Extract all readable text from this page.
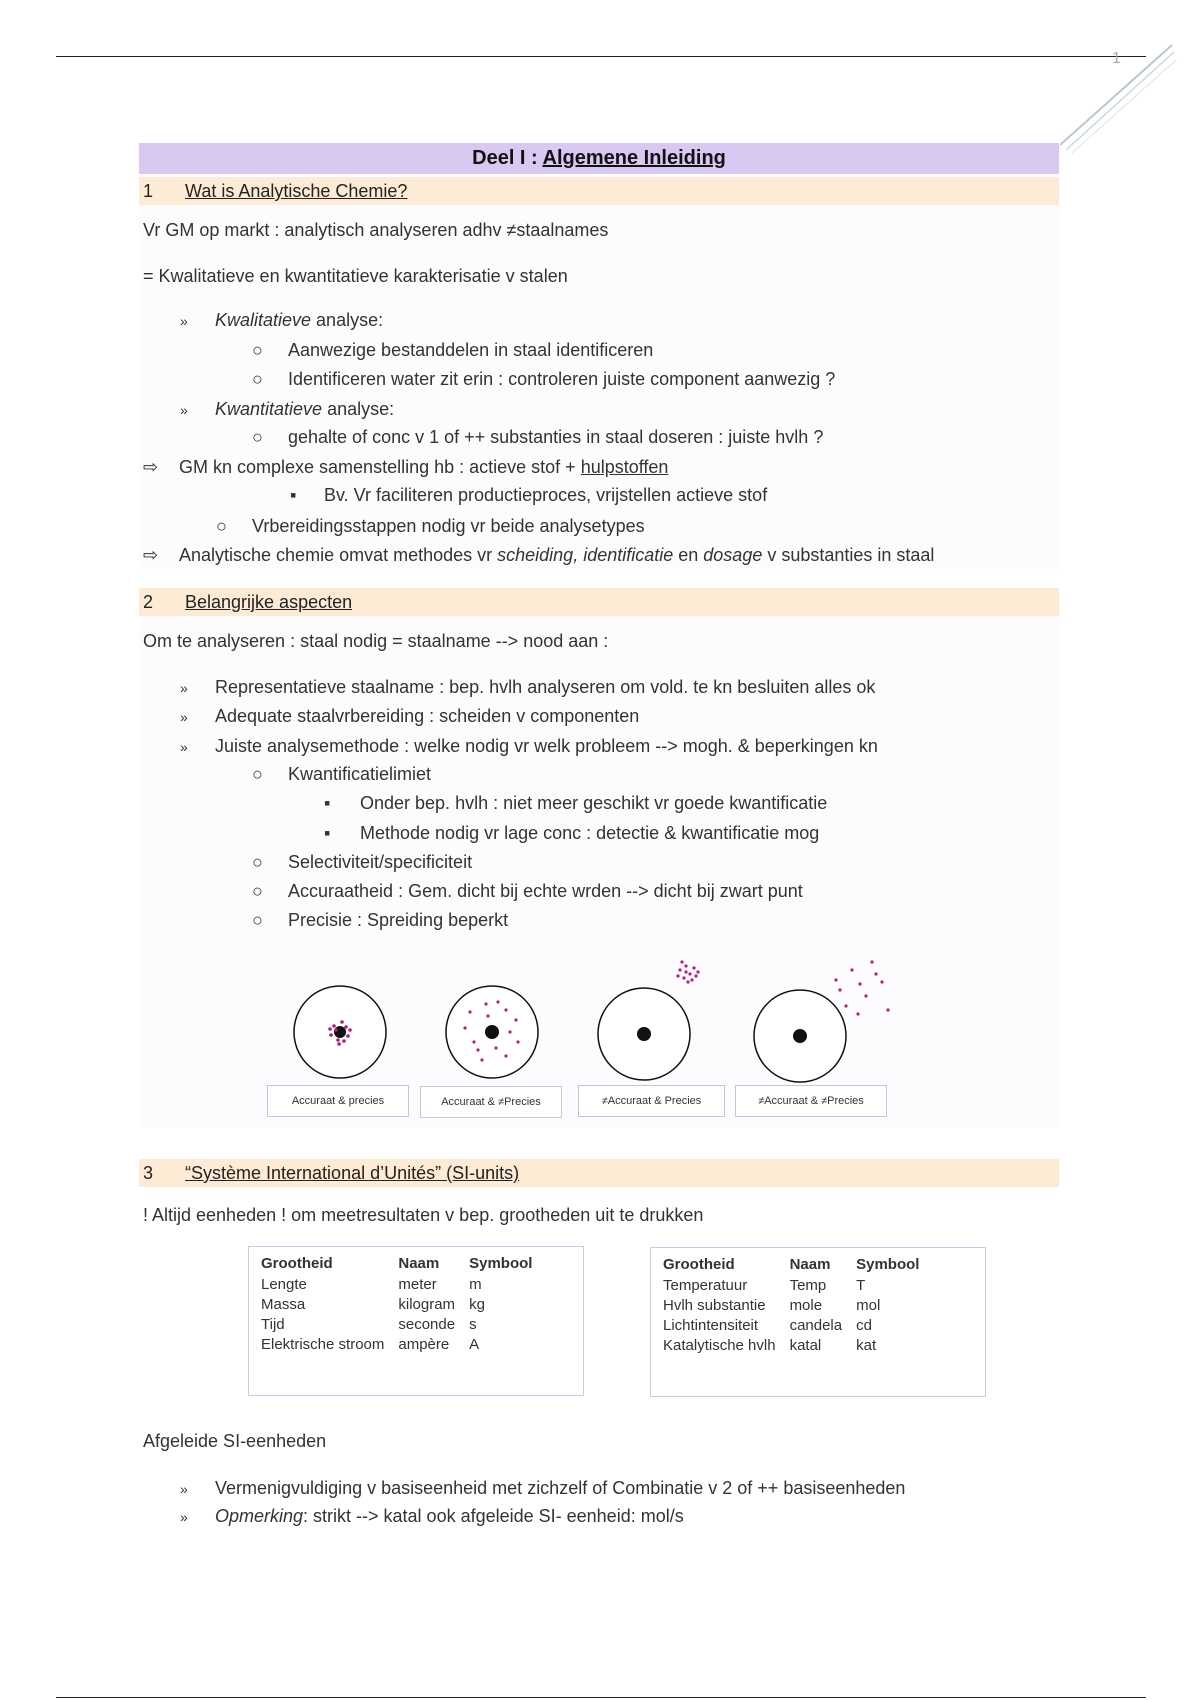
1
Deel I : Algemene Inleiding
1 Wat is Analytische Chemie?
Vr GM op markt : analytisch analyseren adhv ≠staalnames
= Kwalitatieve en kwantitatieve karakterisatie v stalen
» Kwalitatieve analyse:
○ Aanwezige bestanddelen in staal identificeren
○ Identificeren water zit erin : controleren juiste component aanwezig ?
» Kwantitatieve analyse:
○ gehalte of conc v 1 of ++ substanties in staal doseren : juiste hvlh ?
⇨ GM kn complexe samenstelling hb : actieve stof + hulpstoffen
▪ Bv. Vr faciliteren productieproces, vrijstellen actieve stof
○ Vrbereidingsstappen nodig vr beide analysetypes
⇨ Analytische chemie omvat methodes vr scheiding, identificatie en dosage v substanties in staal
2 Belangrijke aspecten
Om te analyseren : staal nodig = staalname --> nood aan :
» Representatieve staalname : bep. hvlh analyseren om vold. te kn besluiten alles ok
» Adequate staalvrbereiding : scheiden v componenten
» Juiste analysemethode : welke nodig vr welk probleem --> mogh. & beperkingen kn
○ Kwantificatielimiet
▪ Onder bep. hvlh : niet meer geschikt vr goede kwantificatie
▪ Methode nodig vr lage conc : detectie & kwantificatie mog
○ Selectiviteit/specificiteit
○ Accuraatheid : Gem. dicht bij echte wrden --> dicht bij zwart punt
○ Precisie : Spreiding beperkt
Accuraat & precies	Accuraat & ≠Precies	≠Accuraat & Precies	≠Accuraat & ≠Precies
3 “Système International d’Unités” (SI-units)
! Altijd eenheden ! om meetresultaten v bep. grootheden uit te drukken
Grootheid	Naam	Symbool
Lengte	meter	m
Massa	kilogram	kg
Tijd	seconde	s
Elektrische stroom	ampère	A
Grootheid	Naam	Symbool
Temperatuur	Temp	T
Hvlh substantie	mole	mol
Lichtintensiteit	candela	cd
Katalytische hvlh	katal	kat
Afgeleide SI-eenheden
» Vermenigvuldiging v basiseenheid met zichzelf of Combinatie v 2 of ++ basiseenheden
» Opmerking: strikt --> katal ook afgeleide SI- eenheid: mol/s
